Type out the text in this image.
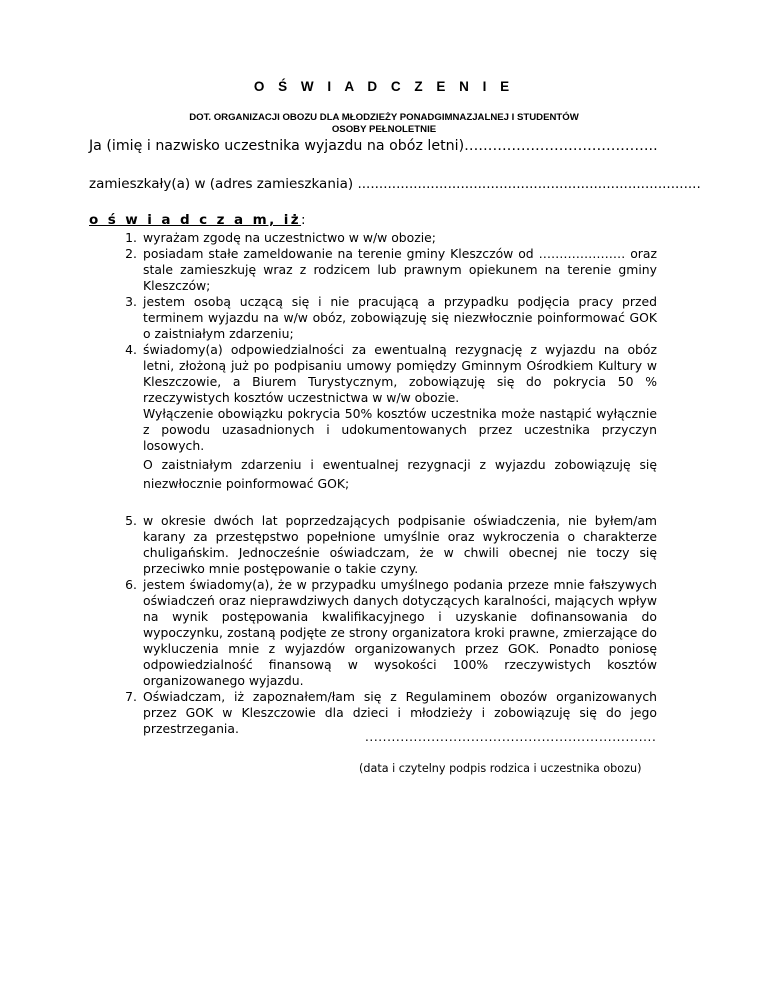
O Ś W I A D C Z E N I E
DOT. ORGANIZACJI OBOZU DLA MŁODZIEŻY PONADGIMNAZJALNEJ I STUDENTÓW
OSOBY PEŁNOLETNIE
Ja (imię i nazwisko uczestnika wyjazdu na obóz letni)…………………………………..
zamieszkały(a) w (adres zamieszkania) ................................................................................
o ś w i a d c z a m, iż:
1. wyrażam zgodę na uczestnictwo w w/w obozie;
2. posiadam stałe zameldowanie na terenie gminy Kleszczów od ………………… oraz stale zamieszkuję wraz z rodzicem lub prawnym opiekunem na terenie gminy Kleszczów;
3. jestem osobą uczącą się i nie pracującą a przypadku podjęcia pracy przed terminem wyjazdu na w/w obóz, zobowiązuję się niezwłocznie poinformować GOK o zaistniałym zdarzeniu;
4. świadomy(a) odpowiedzialności za ewentualną rezygnację z wyjazdu na obóz letni, złożoną już po podpisaniu umowy pomiędzy Gminnym Ośrodkiem Kultury w Kleszczowie, a Biurem Turystycznym, zobowiązuję się do pokrycia 50 % rzeczywistych kosztów uczestnictwa w w/w obozie.
Wyłączenie obowiązku pokrycia 50% kosztów uczestnika może nastąpić wyłącznie z powodu uzasadnionych i udokumentowanych przez uczestnika przyczyn losowych.
O zaistniałym zdarzeniu i ewentualnej rezygnacji z wyjazdu zobowiązuję się niezwłocznie poinformować GOK;
5. w okresie dwóch lat poprzedzających podpisanie oświadczenia, nie byłem/am karany za przestępstwo popełnione umyślnie oraz wykroczenia o charakterze chuligańskim. Jednocześnie oświadczam, że w chwili obecnej nie toczy się przeciwko mnie postępowanie o takie czyny.
6. jestem świadomy(a), że w przypadku umyślnego podania przeze mnie fałszywych oświadczeń oraz nieprawdziwych danych dotyczących karalności, mających wpływ na wynik postępowania kwalifikacyjnego i uzyskanie dofinansowania do wypoczynku, zostaną podjęte ze strony organizatora kroki prawne, zmierzające do wykluczenia mnie z wyjazdów organizowanych przez GOK. Ponadto poniosę odpowiedzialność finansową w wysokości 100% rzeczywistych kosztów organizowanego wyjazdu.
7. Oświadczam, iż zapoznałem/łam się z Regulaminem obozów organizowanych przez GOK w Kleszczowie dla dzieci i młodzieży i zobowiązuję się do jego przestrzegania.
..................................................................
(data i czytelny podpis rodzica i uczestnika obozu)
